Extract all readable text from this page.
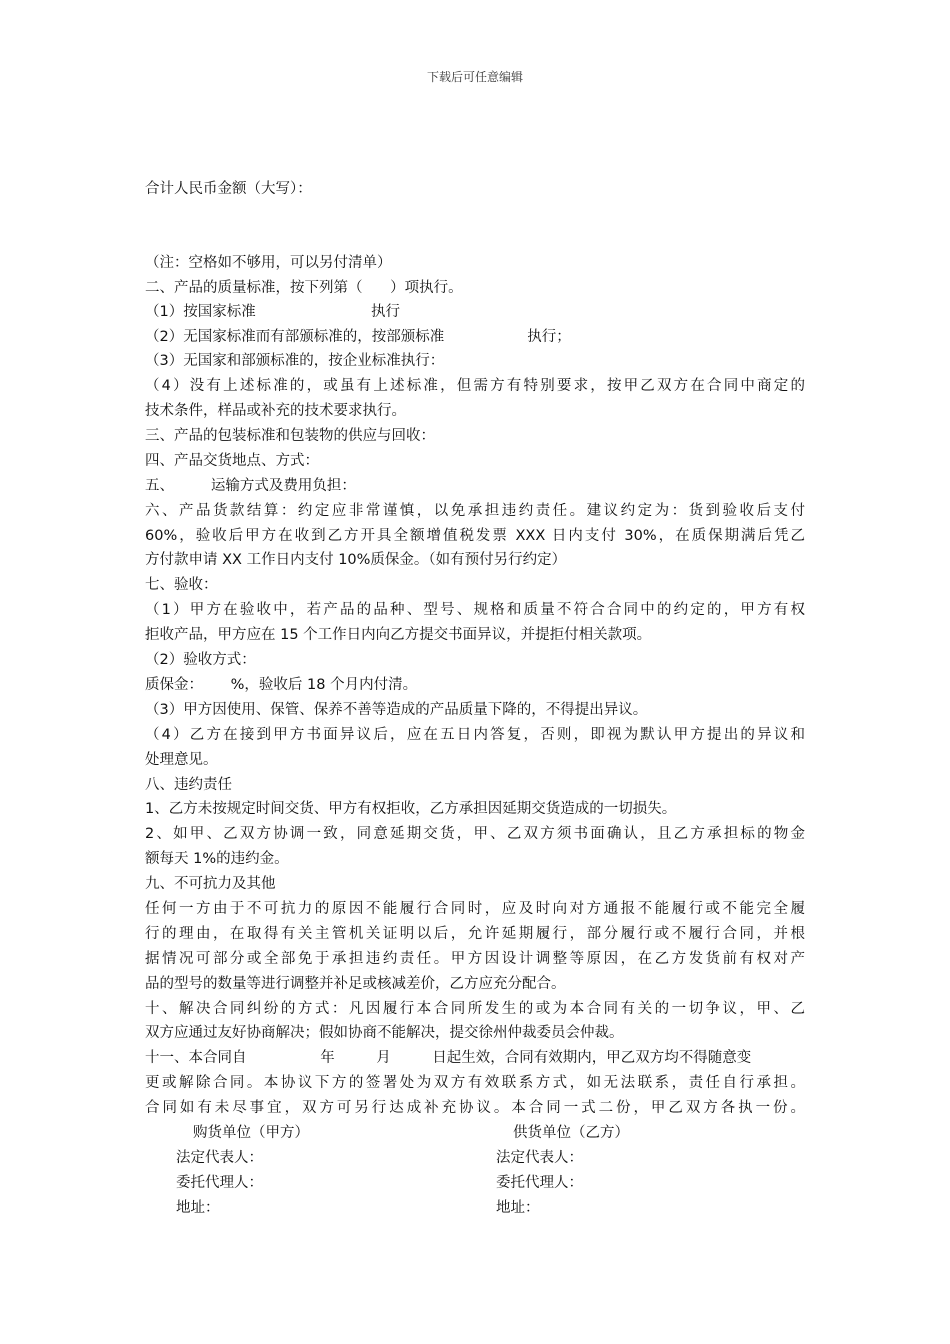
下载后可任意编辑
合计人民币金额（大写）：
（注：空格如不够用，可以另付清单）
二、产品的质量标准，按下列第（      ）项执行。
（1）按国家标准                         执行
（2）无国家标准而有部颁标准的，按部颁标准                  执行；
（3）无国家和部颁标准的，按企业标准执行：
（4）没有上述标准的，或虽有上述标准，但需方有特别要求，按甲乙双方在合同中商定的
技术条件，样品或补充的技术要求执行。
三、产品的包装标准和包装物的供应与回收：
四、产品交货地点、方式：
五、        运输方式及费用负担：
六、产品货款结算：约定应非常谨慎，以免承担违约责任。建议约定为：货到验收后支付
60%，验收后甲方在收到乙方开具全额增值税发票 XXX 日内支付 30%，在质保期满后凭乙
方付款申请 XX 工作日内支付 10%质保金。（如有预付另行约定）
七、验收：
（1）甲方在验收中，若产品的品种、型号、规格和质量不符合合同中的约定的，甲方有权
拒收产品，甲方应在 15 个工作日内向乙方提交书面异议，并提拒付相关款项。
（2）验收方式：
质保金：      %，验收后 18 个月内付清。
（3）甲方因使用、保管、保养不善等造成的产品质量下降的，不得提出异议。
（4）乙方在接到甲方书面异议后，应在五日内答复，否则，即视为默认甲方提出的异议和
处理意见。
八、违约责任
1、乙方未按规定时间交货、甲方有权拒收，乙方承担因延期交货造成的一切损失。
2、如甲、乙双方协调一致，同意延期交货，甲、乙双方须书面确认，且乙方承担标的物金
额每天 1%的违约金。
九、不可抗力及其他
任何一方由于不可抗力的原因不能履行合同时，应及时向对方通报不能履行或不能完全履
行的理由，在取得有关主管机关证明以后，允许延期履行，部分履行或不履行合同，并根
据情况可部分或全部免于承担违约责任。甲方因设计调整等原因，在乙方发货前有权对产
品的型号的数量等进行调整并补足或核减差价，乙方应充分配合。
十、解决合同纠纷的方式：凡因履行本合同所发生的或为本合同有关的一切争议，甲、乙
双方应通过友好协商解决；假如协商不能解决，提交徐州仲裁委员会仲裁。
十一、本合同自                年         月         日起生效，合同有效期内，甲乙双方均不得随意变
更或解除合同。本协议下方的签署处为双方有效联系方式，如无法联系，责任自行承担。
合同如有未尽事宜，双方可另行达成补充协议。本合同一式二份，甲乙双方各执一份。
购货单位（甲方）	供货单位（乙方）
法定代表人：	法定代表人：
委托代理人：	委托代理人：
地址：	地址：
